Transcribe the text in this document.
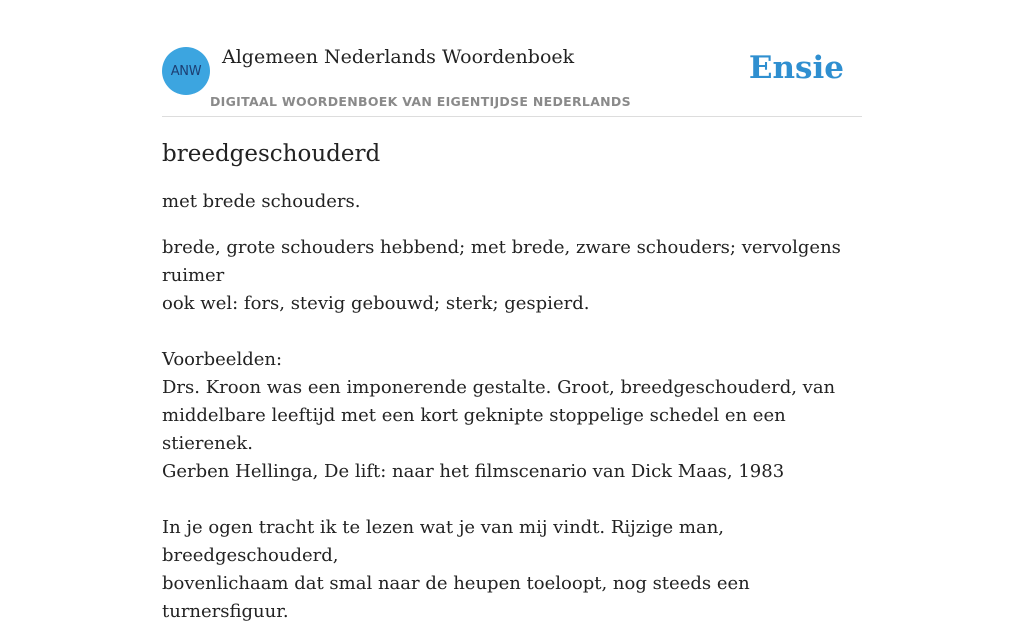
ANW
Algemeen Nederlands Woordenboek
DIGITAAL WOORDENBOEK VAN EIGENTIJDSE NEDERLANDS
Ensie
breedgeschouderd

met brede schouders.

brede, grote schouders hebbend; met brede, zware schouders; vervolgens ruimer
ook wel: fors, stevig gebouwd; sterk; gespierd.
Voorbeelden:
Drs. Kroon was een imponerende gestalte. Groot, breedgeschouderd, van
middelbare leeftijd met een kort geknipte stoppelige schedel en een stierenek.
Gerben Hellinga, De lift: naar het filmscenario van Dick Maas, 1983
In je ogen tracht ik te lezen wat je van mij vindt. Rijzige man, breedgeschouderd,
bovenlichaam dat smal naar de heupen toeloopt, nog steeds een turnersfiguur.
